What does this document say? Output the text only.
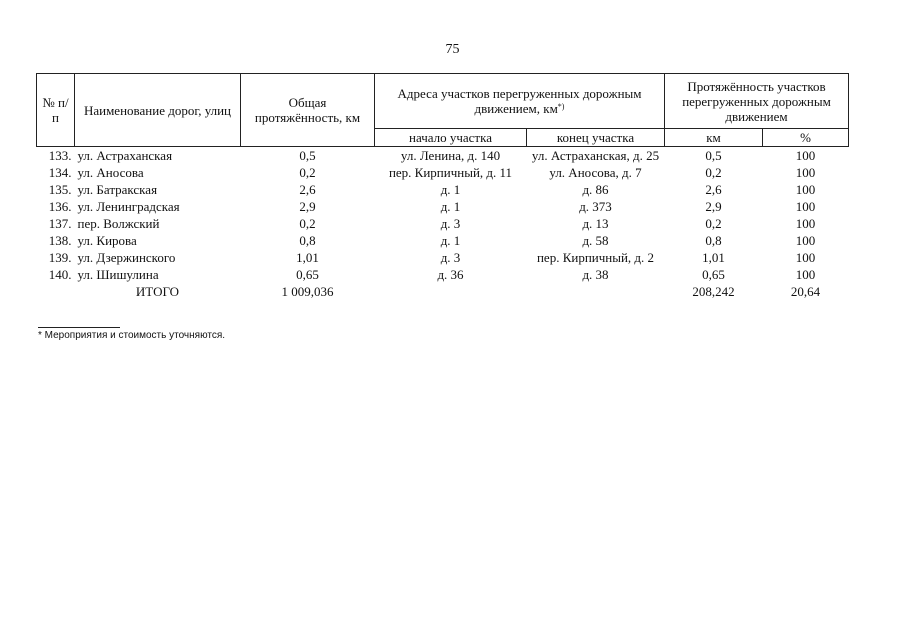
75
№ п/п	Наименование дорог, улиц	Общая протяжённость, км	Адреса участков перегруженных дорожным движением, км*)		Протяжённость участков перегруженных дорожным движением	
			начало участка	конец участка	км	%
133.	ул. Астраханская	0,5	ул. Ленина, д. 140	ул. Астраханская, д. 25	0,5	100
134.	ул. Аносова	0,2	пер. Кирпичный, д. 11	ул. Аносова, д. 7	0,2	100
135.	ул. Батракская	2,6	д. 1	д. 86	2,6	100
136.	ул. Ленинградская	2,9	д. 1	д. 373	2,9	100
137.	пер. Волжский	0,2	д. 3	д. 13	0,2	100
138.	ул. Кирова	0,8	д. 1	д. 58	0,8	100
139.	ул. Дзержинского	1,01	д. 3	пер. Кирпичный, д. 2	1,01	100
140.	ул. Шишулина	0,65	д. 36	д. 38	0,65	100
	ИТОГО	1 009,036			208,242	20,64
* Мероприятия и стоимость уточняются.
